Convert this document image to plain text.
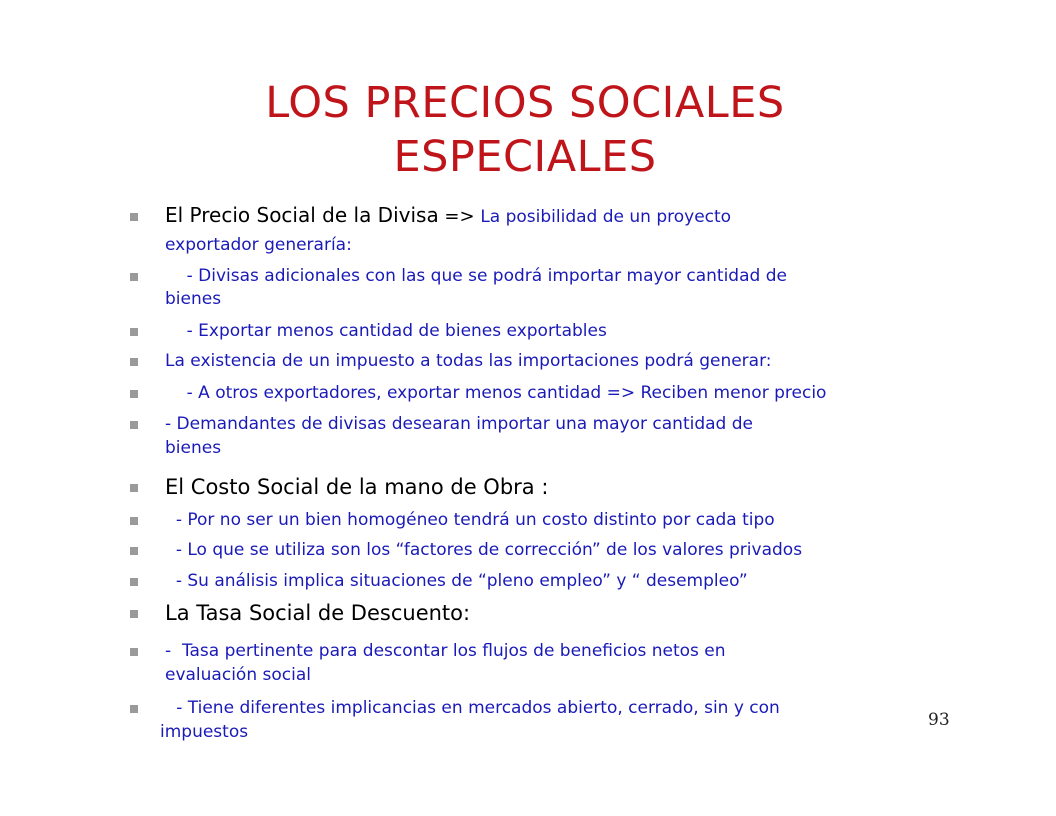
LOS PRECIOS SOCIALES
ESPECIALES
El Precio Social de la Divisa => La posibilidad de un proyecto
exportador generaría:
- Divisas adicionales con las que se podrá importar mayor cantidad de
bienes
- Exportar menos cantidad de bienes exportables
La existencia de un impuesto a todas las importaciones podrá generar:
- A otros exportadores, exportar menos cantidad => Reciben menor precio
- Demandantes de divisas desearan importar una mayor cantidad de
bienes
El Costo Social de la mano de Obra :
- Por no ser un bien homogéneo tendrá un costo distinto por cada tipo
- Lo que se utiliza son los “factores de corrección” de los valores privados
- Su análisis implica situaciones de “pleno empleo” y “ desempleo”
La Tasa Social de Descuento:
-  Tasa pertinente para descontar los flujos de beneficios netos en
evaluación social
- Tiene diferentes implicancias en mercados abierto, cerrado, sin y con
impuestos
93
